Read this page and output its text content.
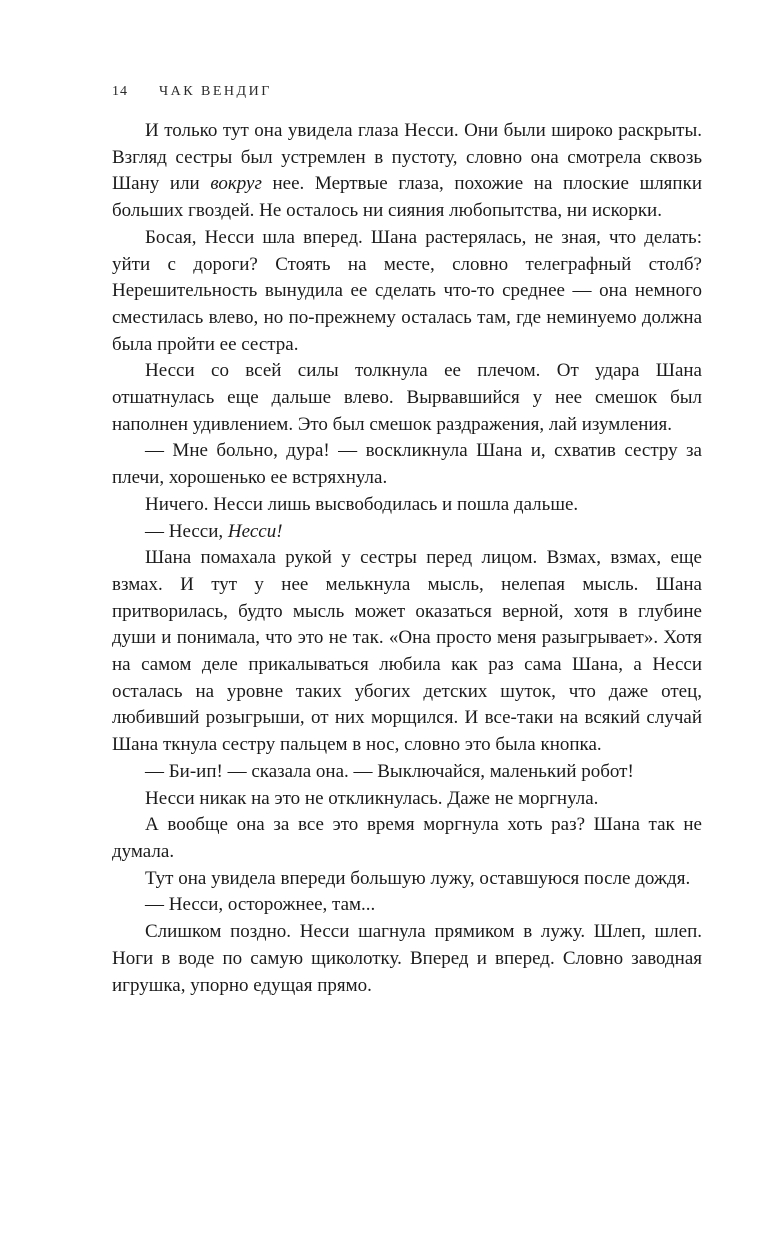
14 ЧАК ВЕНДИГ

И только тут она увидела глаза Несси. Они были широко раскрыты. Взгляд сестры был устремлен в пустоту, словно она смотрела сквозь Шану или вокруг нее. Мертвые глаза, похожие на плоские шляпки больших гвоздей. Не осталось ни сияния любопытства, ни искорки.

Босая, Несси шла вперед. Шана растерялась, не зная, что делать: уйти с дороги? Стоять на месте, словно телеграфный столб? Нерешительность вынудила ее сделать что-то среднее — она немного сместилась влево, но по-прежнему осталась там, где неминуемо должна была пройти ее сестра.

Несси со всей силы толкнула ее плечом. От удара Шана отшатнулась еще дальше влево. Вырвавшийся у нее смешок был наполнен удивлением. Это был смешок раздражения, лай изумления.

— Мне больно, дура! — воскликнула Шана и, схватив сестру за плечи, хорошенько ее встряхнула.

Ничего. Несси лишь высвободилась и пошла дальше.

— Несси, Несси!

Шана помахала рукой у сестры перед лицом. Взмах, взмах, еще взмах. И тут у нее мелькнула мысль, нелепая мысль. Шана притворилась, будто мысль может оказаться верной, хотя в глубине души и понимала, что это не так. «Она просто меня разыгрывает». Хотя на самом деле прикалываться любила как раз сама Шана, а Несси осталась на уровне таких убогих детских шуток, что даже отец, любивший розыгрыши, от них морщился. И все-таки на всякий случай Шана ткнула сестру пальцем в нос, словно это была кнопка.

— Би-ип! — сказала она. — Выключайся, маленький робот!

Несси никак на это не откликнулась. Даже не моргнула.

А вообще она за все это время моргнула хоть раз? Шана так не думала.

Тут она увидела впереди большую лужу, оставшуюся после дождя.

— Несси, осторожнее, там...

Слишком поздно. Несси шагнула прямиком в лужу. Шлеп, шлеп. Ноги в воде по самую щиколотку. Вперед и вперед. Словно заводная игрушка, упорно едущая прямо.
